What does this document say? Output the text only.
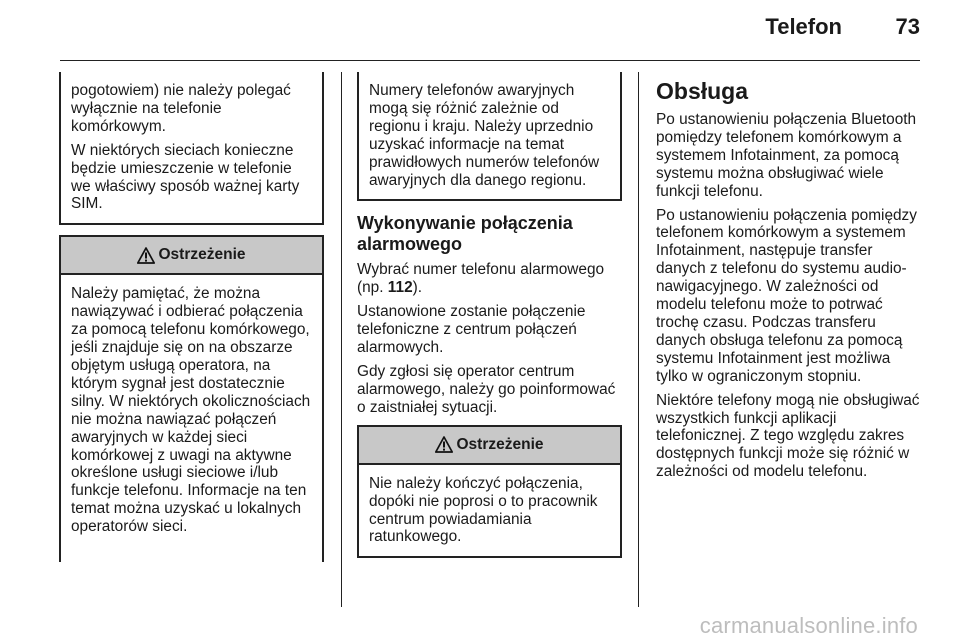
Telefon 73

pogotowiem) nie należy polegać wyłącznie na telefonie komórkowym.

W niektórych sieciach konieczne będzie umieszczenie w telefonie we właściwy sposób ważnej karty SIM.

Ostrzeżenie

Należy pamiętać, że można nawiązywać i odbierać połączenia za pomocą telefonu komórkowego, jeśli znajduje się on na obszarze objętym usługą operatora, na którym sygnał jest dostatecznie silny. W niektórych okolicznościach nie można nawiązać połączeń awaryjnych w każdej sieci komórkowej z uwagi na aktywne określone usługi sieciowe i/lub funkcje telefonu. Informacje na ten temat można uzyskać u lokalnych operatorów sieci.

Numery telefonów awaryjnych mogą się różnić zależnie od regionu i kraju. Należy uprzednio uzyskać informacje na temat prawidłowych numerów telefonów awaryjnych dla danego regionu.

Wykonywanie połączenia alarmowego

Wybrać numer telefonu alarmowego (np. 112).

Ustanowione zostanie połączenie telefoniczne z centrum połączeń alarmowych.

Gdy zgłosi się operator centrum alarmowego, należy go poinformować o zaistniałej sytuacji.

Ostrzeżenie

Nie należy kończyć połączenia, dopóki nie poprosi o to pracownik centrum powiadamiania ratunkowego.

Obsługa

Po ustanowieniu połączenia Bluetooth pomiędzy telefonem komórkowym a systemem Infotainment, za pomocą systemu można obsługiwać wiele funkcji telefonu.

Po ustanowieniu połączenia pomiędzy telefonem komórkowym a systemem Infotainment, następuje transfer danych z telefonu do systemu audio-nawigacyjnego. W zależności od modelu telefonu może to potrwać trochę czasu. Podczas transferu danych obsługa telefonu za pomocą systemu Infotainment jest możliwa tylko w ograniczonym stopniu.

Niektóre telefony mogą nie obsługiwać wszystkich funkcji aplikacji telefonicznej. Z tego względu zakres dostępnych funkcji może się różnić w zależności od modelu telefonu.

carmanualsonline.info
